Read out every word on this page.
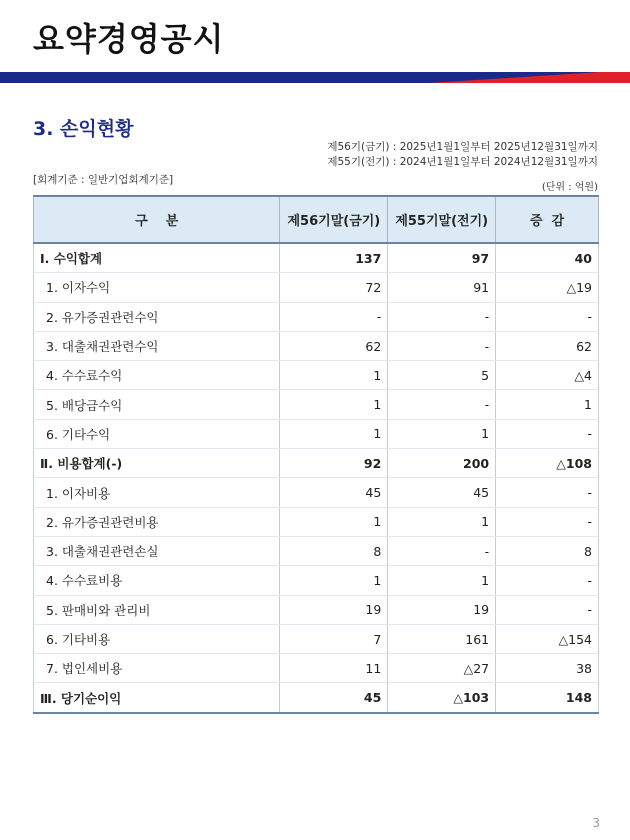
요약경영공시
3. 손익현황
제56기(금기) : 2025년1월1일부터 2025년12월31일까지
제55기(전기) : 2024년1월1일부터 2024년12월31일까지
[회계기준 : 일반기업회계기준]
(단위 : 억원)
구    분	제56기말(금기)	제55기말(전기)	증  감
Ⅰ. 수익합계	137	97	40
1. 이자수익	72	91	△19
2. 유가증권관련수익	-	-	-
3. 대출채권관련수익	62	-	62
4. 수수료수익	1	5	△4
5. 배당금수익	1	-	1
6. 기타수익	1	1	-
Ⅱ. 비용합계(-)	92	200	△108
1. 이자비용	45	45	-
2. 유가증권관련비용	1	1	-
3. 대출채권관련손실	8	-	8
4. 수수료비용	1	1	-
5. 판매비와 관리비	19	19	-
6. 기타비용	7	161	△154
7. 법인세비용	11	△27	38
Ⅲ. 당기순이익	45	△103	148
3
